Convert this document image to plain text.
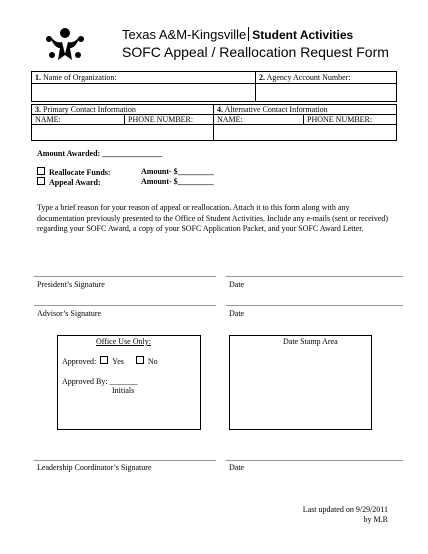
Texas A&M-Kingsville Student Activities
SOFC Appeal / Reallocation Request Form
1. Name of Organization:	2. Agency Account Number:
3. Primary Contact Information	4. Alternative Contact Information
NAME:	PHONE NUMBER:	NAME:	PHONE NUMBER:
Amount Awarded: _______________
Reallocate Funds:	Amount- $_________
Appeal Award:	Amount- $_________
Type a brief reason for your reason of appeal or reallocation. Attach it to this form along with any documentation previously presented to the Office of Student Activities. Include any e-mails (sent or received) regarding your SOFC Award, a copy of your SOFC Application Packet, and your SOFC Award Letter.
President’s Signature	Date
Advisor’s Signature	Date
Office Use Only:
Approved: Yes	No
Approved By: _______
Initials
Date Stamp Area
Leadership Coordinator’s Signature	Date
Last updated on 9/29/2011
by M.R
